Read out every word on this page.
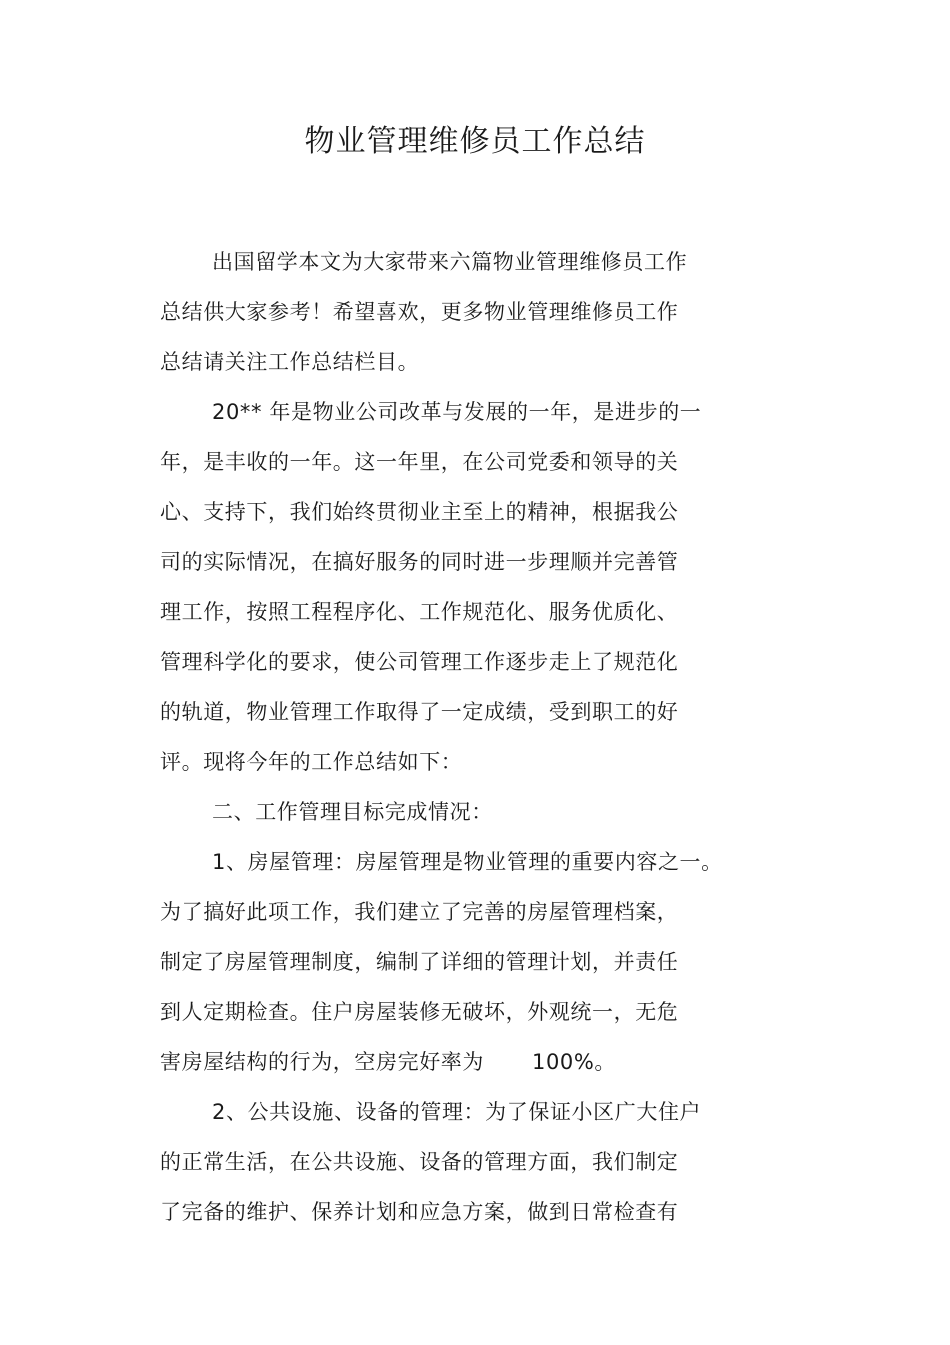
物业管理维修员工作总结
出国留学本文为大家带来六篇物业管理维修员工作
总结供大家参考！希望喜欢，更多物业管理维修员工作
总结请关注工作总结栏目。
20** 年是物业公司改革与发展的一年，是进步的一
年，是丰收的一年。这一年里，在公司党委和领导的关
心、支持下，我们始终贯彻业主至上的精神，根据我公
司的实际情况，在搞好服务的同时进一步理顺并完善管
理工作，按照工程程序化、工作规范化、服务优质化、
管理科学化的要求，使公司管理工作逐步走上了规范化
的轨道，物业管理工作取得了一定成绩，受到职工的好
评。现将今年的工作总结如下：
二、工作管理目标完成情况：
1、房屋管理：房屋管理是物业管理的重要内容之一。
为了搞好此项工作，我们建立了完善的房屋管理档案，
制定了房屋管理制度，编制了详细的管理计划，并责任
到人定期检查。住户房屋装修无破坏，外观统一，无危
害房屋结构的行为，空房完好率为 100%。
2、公共设施、设备的管理：为了保证小区广大住户
的正常生活，在公共设施、设备的管理方面，我们制定
了完备的维护、保养计划和应急方案，做到日常检查有
